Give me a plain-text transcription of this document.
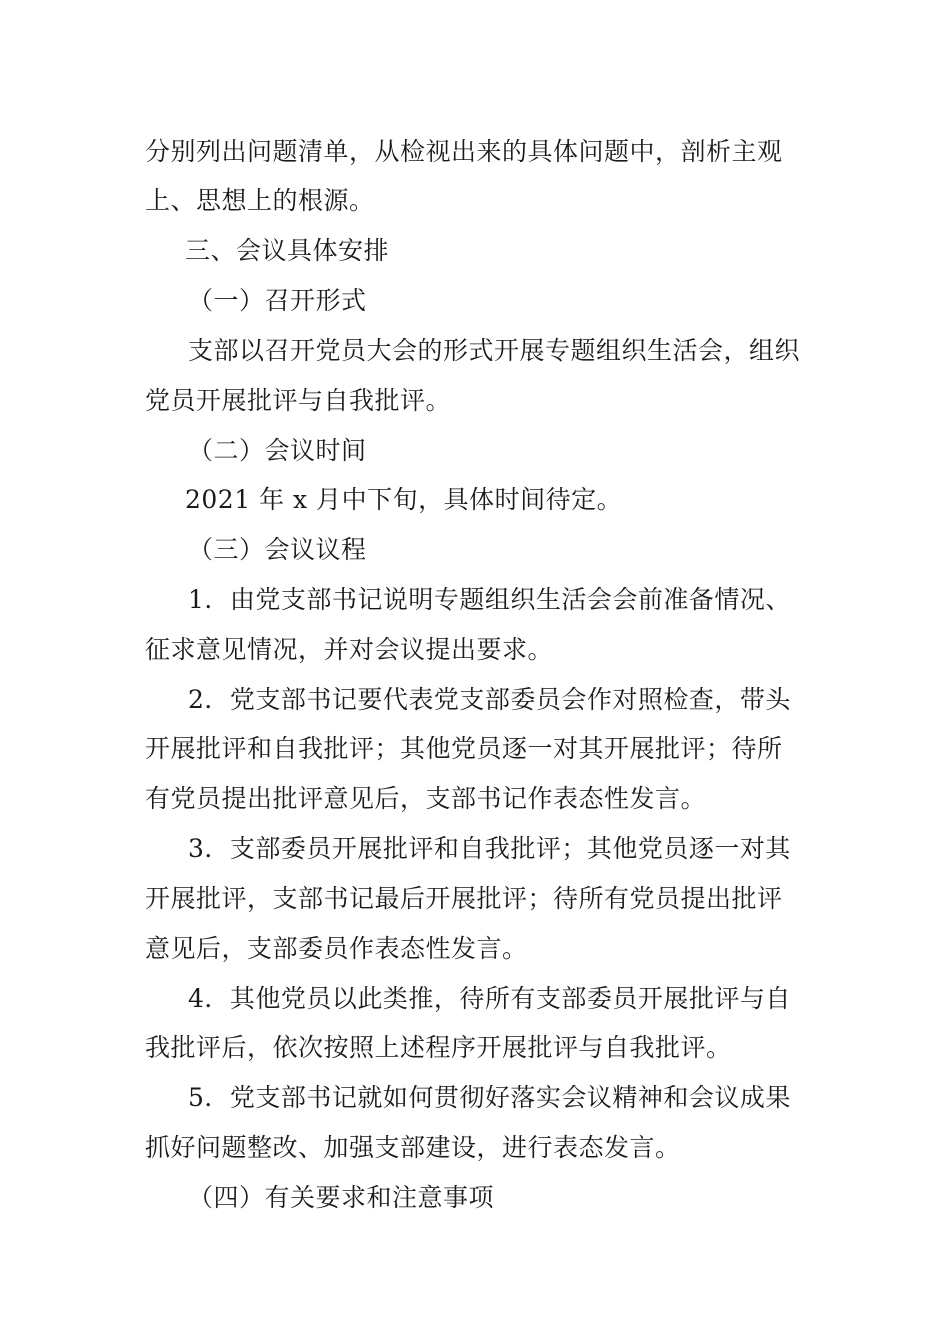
分别列出问题清单，从检视出来的具体问题中，剖析主观
上、思想上的根源。
三、会议具体安排
（一）召开形式
支部以召开党员大会的形式开展专题组织生活会，组织
党员开展批评与自我批评。
（二）会议时间
2021 年 x 月中下旬，具体时间待定。
（三）会议议程
1．由党支部书记说明专题组织生活会会前准备情况、
征求意见情况，并对会议提出要求。
2．党支部书记要代表党支部委员会作对照检查，带头
开展批评和自我批评；其他党员逐一对其开展批评；待所
有党员提出批评意见后，支部书记作表态性发言。
3．支部委员开展批评和自我批评；其他党员逐一对其
开展批评，支部书记最后开展批评；待所有党员提出批评
意见后，支部委员作表态性发言。
4．其他党员以此类推，待所有支部委员开展批评与自
我批评后，依次按照上述程序开展批评与自我批评。
5．党支部书记就如何贯彻好落实会议精神和会议成果
抓好问题整改、加强支部建设，进行表态发言。
（四）有关要求和注意事项
